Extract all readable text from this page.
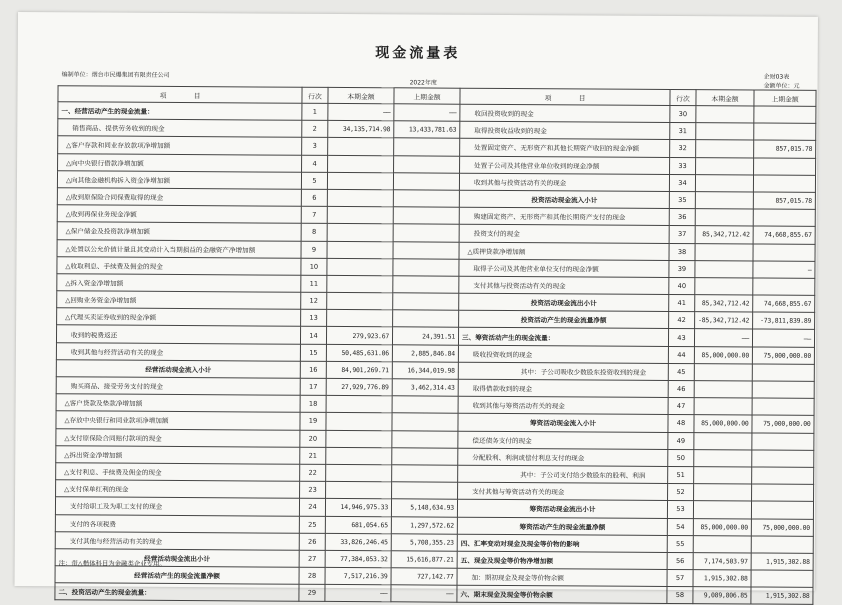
现金流量表
企财03表
编制单位：烟台市民爆集团有限责任公司
2022年度	金额单位：元
项　　　　目	行次	本期金额	上期金额	项　　　　目	行次	本期金额	上期金额
一、经营活动产生的现金流量：	1	——	——	收回投资收到的现金	30		
销售商品、提供劳务收到的现金	2	34,135,714.98	13,433,781.63	取得投资收益收到的现金	31		
△客户存款和同业存放款项净增加额	3			处置固定资产、无形资产和其他长期资产收回的现金净额	32		857,015.78
△向中央银行借款净增加额	4			处置子公司及其他营业单位收到的现金净额	33		
△向其他金融机构拆入资金净增加额	5			收到其他与投资活动有关的现金	34		
△收到原保险合同保费取得的现金	6			投资活动现金流入小计	35		857,015.78
△收到再保业务现金净额	7			购建固定资产、无形资产和其他长期资产支付的现金	36		
△保户储金及投资款净增加额	8			投资支付的现金	37	85,342,712.42	74,668,855.67
△处置以公允价值计量且其变动计入当期损益的金融资产净增加额	9			△质押贷款净增加额	38		
△收取利息、手续费及佣金的现金	10			取得子公司及其他营业单位支付的现金净额	39		—
△拆入资金净增加额	11			支付其他与投资活动有关的现金	40		
△回购业务资金净增加额	12			投资活动现金流出小计	41	85,342,712.42	74,668,855.67
△代理买卖证券收到的现金净额	13			投资活动产生的现金流量净额	42	-85,342,712.42	-73,811,839.89
收到的税费返还	14	279,923.67	24,391.51	三、筹资活动产生的现金流量：	43	——	——
收到其他与经营活动有关的现金	15	50,485,631.06	2,885,846.84	吸收投资收到的现金	44	85,000,000.00	75,000,000.00
经营活动现金流入小计	16	84,901,269.71	16,344,019.98	其中：子公司吸收少数股东投资收到的现金	45		
购买商品、接受劳务支付的现金	17	27,929,776.89	3,462,314.43	取得借款收到的现金	46		
△客户贷款及垫款净增加额	18			收到其他与筹资活动有关的现金	47		
△存放中央银行和同业款项净增加额	19			筹资活动现金流入小计	48	85,000,000.00	75,000,000.00
△支付原保险合同赔付款项的现金	20			偿还债务支付的现金	49		
△拆出资金净增加额	21			分配股利、利润或偿付利息支付的现金	50		
△支付利息、手续费及佣金的现金	22			其中：子公司支付给少数股东的股利、利润	51		
△支付保单红利的现金	23			支付其他与筹资活动有关的现金	52		
支付给职工及为职工支付的现金	24	14,946,975.33	5,148,634.93	筹资活动现金流出小计	53		
支付的各项税费	25	681,054.65	1,297,572.62	筹资活动产生的现金流量净额	54	85,000,000.00	75,000,000.00
支付其他与经营活动有关的现金	26	33,826,246.45	5,708,355.23	四、汇率变动对现金及现金等价物的影响	55		
经营活动现金流出小计	27	77,384,053.32	15,616,877.21	五、现金及现金等价物净增加额	56	7,174,503.97	1,915,302.88
经营活动产生的现金流量净额	28	7,517,216.39	727,142.77	加：期初现金及现金等价物余额	57	1,915,302.88	
二、投资活动产生的现金流量：	29	——	——	六、期末现金及现金等价物余额	58	9,089,806.85	1,915,302.88
注：带△楷体科目为金融类企业专用。
